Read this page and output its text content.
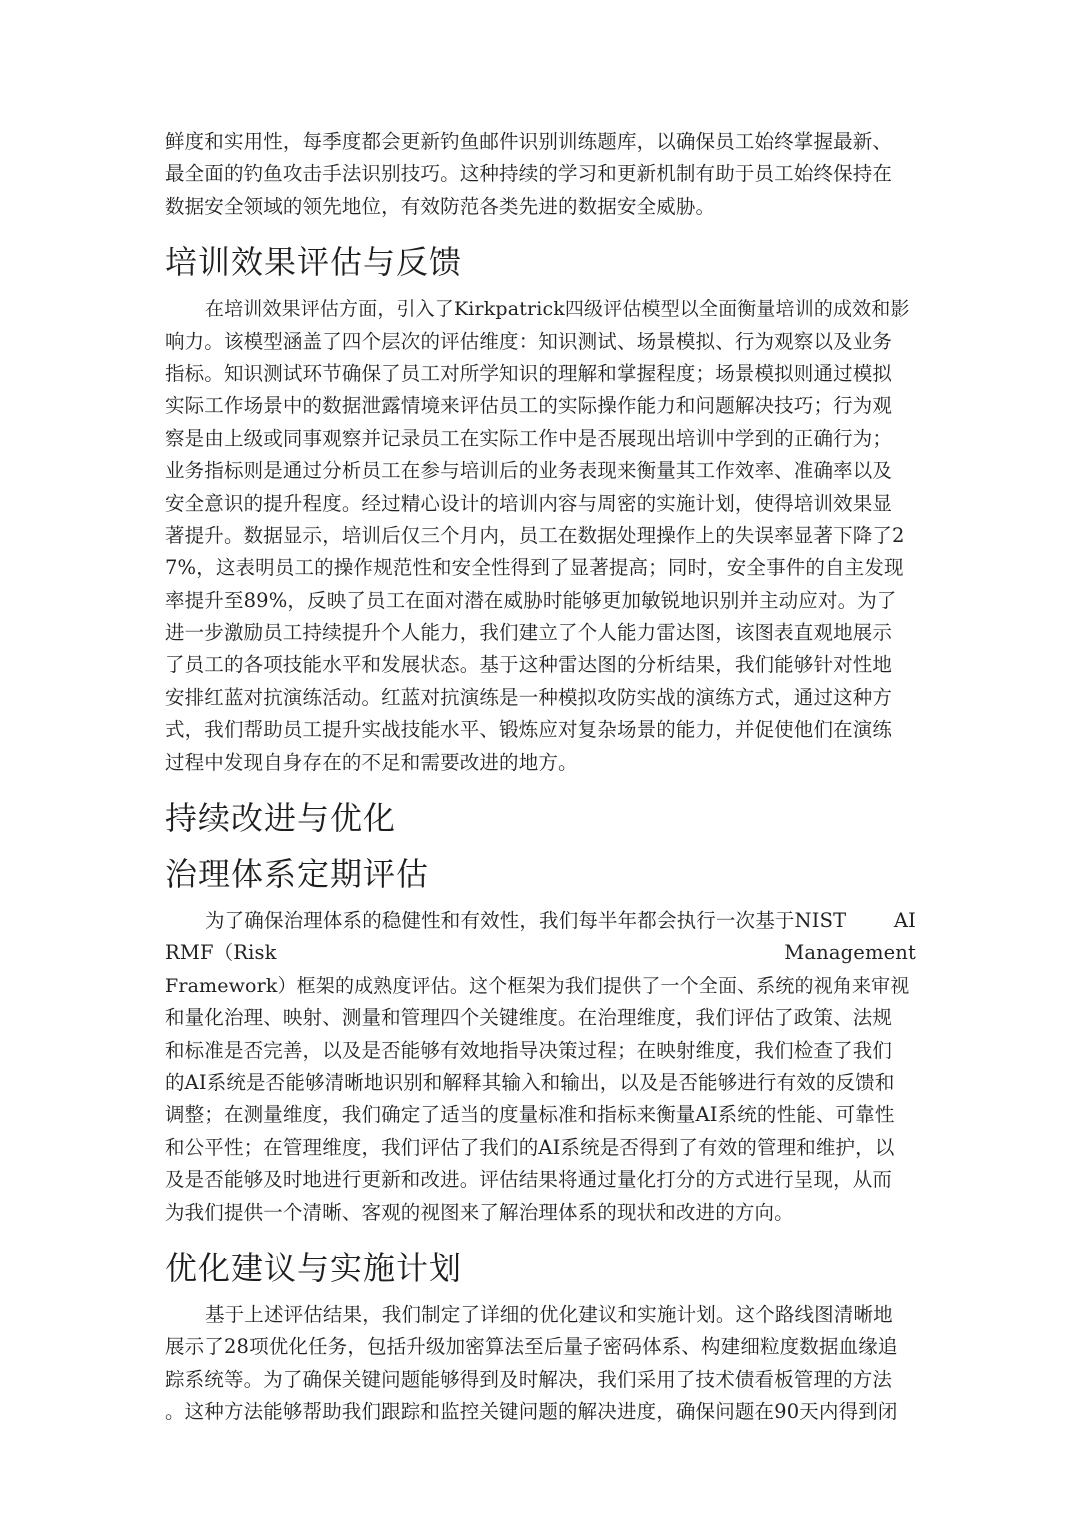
鲜度和实用性，每季度都会更新钓鱼邮件识别训练题库，以确保员工始终掌握最新、
最全面的钓鱼攻击手法识别技巧。这种持续的学习和更新机制有助于员工始终保持在
数据安全领域的领先地位，有效防范各类先进的数据安全威胁。
培训效果评估与反馈
在培训效果评估方面，引入了Kirkpatrick四级评估模型以全面衡量培训的成效和影
响力。该模型涵盖了四个层次的评估维度：知识测试、场景模拟、行为观察以及业务
指标。知识测试环节确保了员工对所学知识的理解和掌握程度；场景模拟则通过模拟
实际工作场景中的数据泄露情境来评估员工的实际操作能力和问题解决技巧；行为观
察是由上级或同事观察并记录员工在实际工作中是否展现出培训中学到的正确行为；
业务指标则是通过分析员工在参与培训后的业务表现来衡量其工作效率、准确率以及
安全意识的提升程度。经过精心设计的培训内容与周密的实施计划，使得培训效果显
著提升。数据显示，培训后仅三个月内，员工在数据处理操作上的失误率显著下降了2
7%，这表明员工的操作规范性和安全性得到了显著提高；同时，安全事件的自主发现
率提升至89%，反映了员工在面对潜在威胁时能够更加敏锐地识别并主动应对。为了
进一步激励员工持续提升个人能力，我们建立了个人能力雷达图，该图表直观地展示
了员工的各项技能水平和发展状态。基于这种雷达图的分析结果，我们能够针对性地
安排红蓝对抗演练活动。红蓝对抗演练是一种模拟攻防实战的演练方式，通过这种方
式，我们帮助员工提升实战技能水平、锻炼应对复杂场景的能力，并促使他们在演练
过程中发现自身存在的不足和需要改进的地方。
持续改进与优化
治理体系定期评估
为了确保治理体系的稳健性和有效性，我们每半年都会执行一次基于NIST AI
RMF（Risk	Management
Framework）框架的成熟度评估。这个框架为我们提供了一个全面、系统的视角来审视
和量化治理、映射、测量和管理四个关键维度。在治理维度，我们评估了政策、法规
和标准是否完善，以及是否能够有效地指导决策过程；在映射维度，我们检查了我们
的AI系统是否能够清晰地识别和解释其输入和输出，以及是否能够进行有效的反馈和
调整；在测量维度，我们确定了适当的度量标准和指标来衡量AI系统的性能、可靠性
和公平性；在管理维度，我们评估了我们的AI系统是否得到了有效的管理和维护，以
及是否能够及时地进行更新和改进。评估结果将通过量化打分的方式进行呈现，从而
为我们提供一个清晰、客观的视图来了解治理体系的现状和改进的方向。
优化建议与实施计划
基于上述评估结果，我们制定了详细的优化建议和实施计划。这个路线图清晰地
展示了28项优化任务，包括升级加密算法至后量子密码体系、构建细粒度数据血缘追
踪系统等。为了确保关键问题能够得到及时解决，我们采用了技术债看板管理的方法
。这种方法能够帮助我们跟踪和监控关键问题的解决进度，确保问题在90天内得到闭
